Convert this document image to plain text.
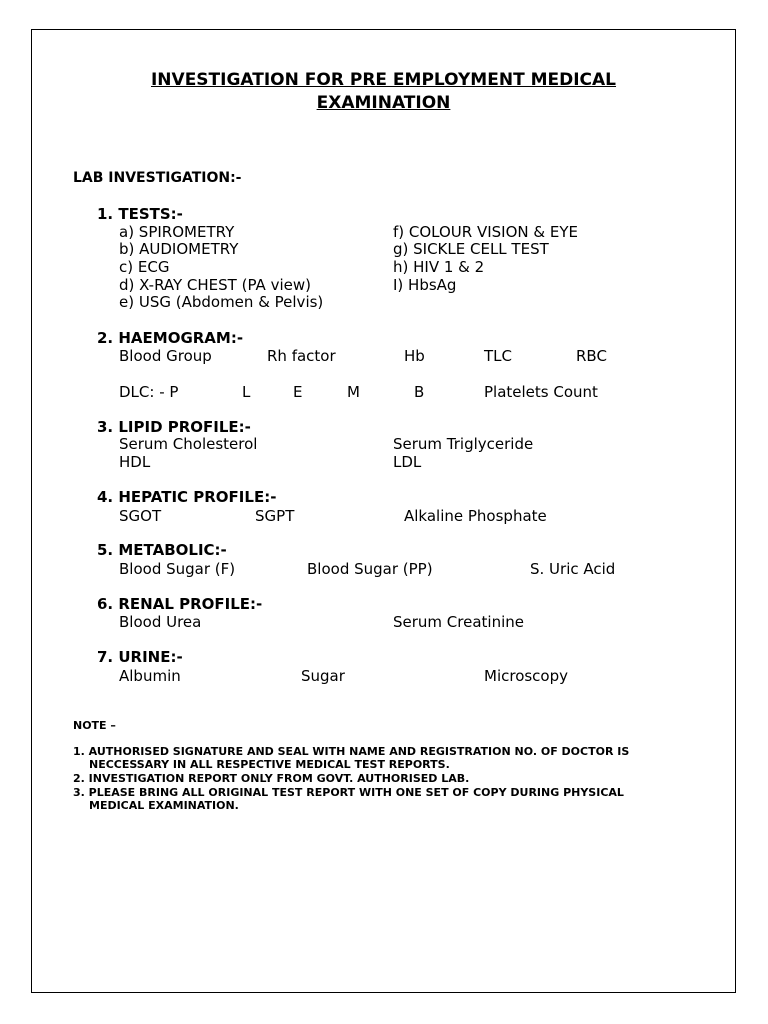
INVESTIGATION FOR PRE EMPLOYMENT MEDICAL
EXAMINATION
LAB INVESTIGATION:-
1. TESTS:-
a) SPIROMETRY
b) AUDIOMETRY
c) ECG
d) X-RAY CHEST (PA view)
e) USG (Abdomen & Pelvis)
f) COLOUR VISION & EYE
g) SICKLE CELL TEST
h) HIV 1 & 2
I) HbsAg
2. HAEMOGRAM:-
Blood Group	Rh factor	Hb	TLC	RBC
DLC: - P	L	E	M	B	Platelets Count
3. LIPID PROFILE:-
Serum Cholesterol	Serum Triglyceride
HDL	LDL
4. HEPATIC PROFILE:-
SGOT	SGPT	Alkaline Phosphate
5. METABOLIC:-
Blood Sugar (F)	Blood Sugar (PP)	S. Uric Acid
6. RENAL PROFILE:-
Blood Urea	Serum Creatinine
7. URINE:-
Albumin	Sugar	Microscopy
NOTE –
1. AUTHORISED SIGNATURE AND SEAL WITH NAME AND REGISTRATION NO. OF DOCTOR IS
NECCESSARY IN ALL RESPECTIVE MEDICAL TEST REPORTS.
2. INVESTIGATION REPORT ONLY FROM GOVT. AUTHORISED LAB.
3. PLEASE BRING ALL ORIGINAL TEST REPORT WITH ONE SET OF COPY DURING PHYSICAL
MEDICAL EXAMINATION.
